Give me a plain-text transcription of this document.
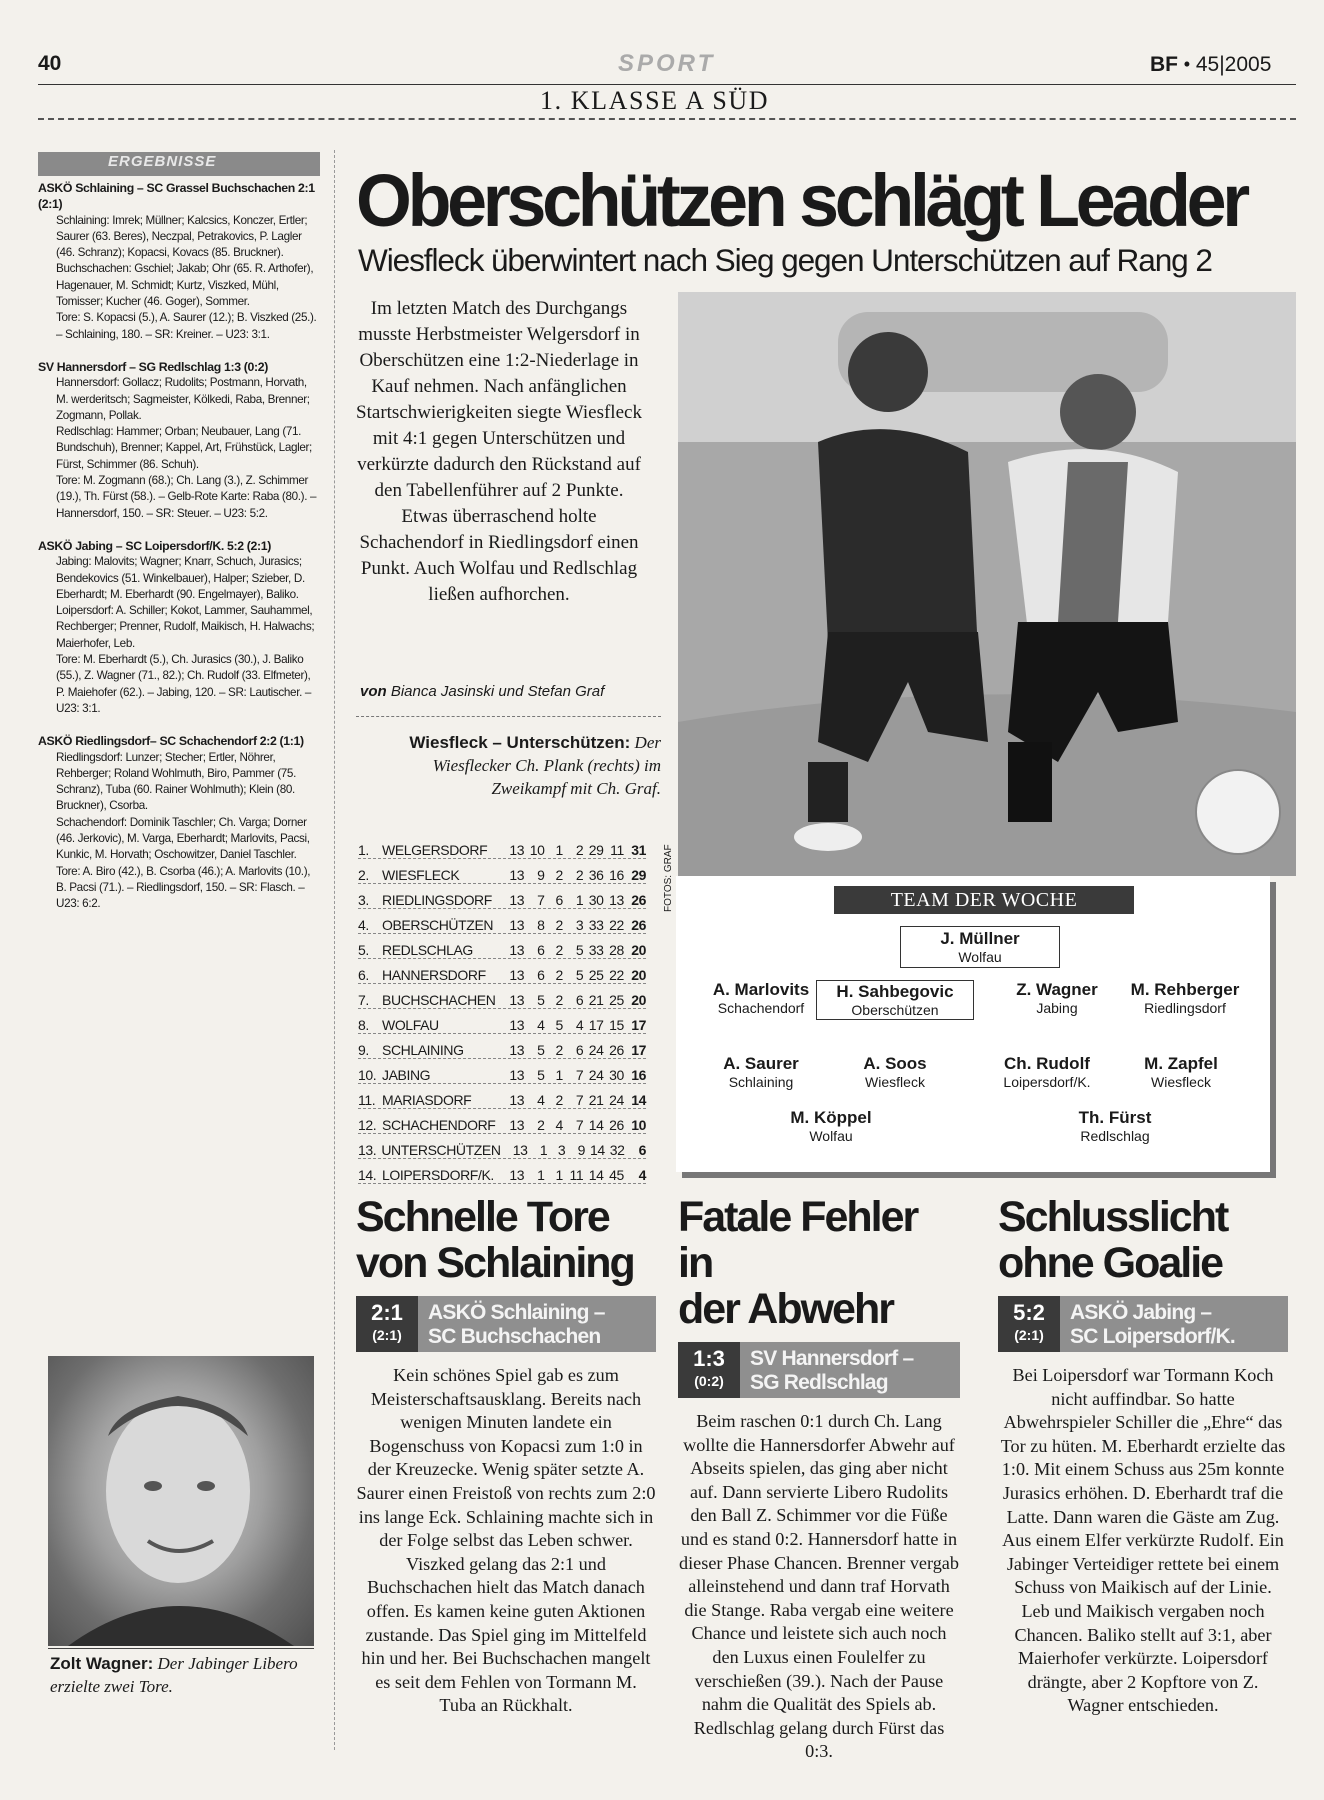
40	SPORT	BF • 45|2005
1. KLASSE A SÜD
ERGEBNISSE
ASKÖ Schlaining – SC Grassel Buchschachen 2:1 (2:1)
Schlaining: Imrek; Müllner; Kalcsics, Konczer, Ertler; Saurer (63. Beres), Neczpal, Petrakovics, P. Lagler (46. Schranz); Kopacsi, Kovacs (85. Bruckner).
Buchschachen: Gschiel; Jakab; Ohr (65. R. Arthofer), Hagenauer, M. Schmidt; Kurtz, Viszked, Mühl, Tomisser; Kucher (46. Goger), Sommer.
Tore: S. Kopacsi (5.), A. Saurer (12.); B. Viszked (25.). – Schlaining, 180. – SR: Kreiner. – U23: 3:1.
SV Hannersdorf – SG Redlschlag 1:3 (0:2)
Hannersdorf: Gollacz; Rudolits; Postmann, Horvath, M. werderitsch; Sagmeister, Kölkedi, Raba, Brenner; Zogmann, Pollak.
Redlschlag: Hammer; Orban; Neubauer, Lang (71. Bundschuh), Brenner; Kappel, Art, Frühstück, Lagler; Fürst, Schimmer (86. Schuh).
Tore: M. Zogmann (68.); Ch. Lang (3.), Z. Schimmer (19.), Th. Fürst (58.). – Gelb-Rote Karte: Raba (80.). – Hannersdorf, 150. – SR: Steuer. – U23: 5:2.
ASKÖ Jabing – SC Loipersdorf/K. 5:2 (2:1)
Jabing: Malovits; Wagner; Knarr, Schuch, Jurasics; Bendekovics (51. Winkelbauer), Halper; Szieber, D. Eberhardt; M. Eberhardt (90. Engelmayer), Baliko.
Loipersdorf: A. Schiller; Kokot, Lammer, Sauhammel, Rechberger; Prenner, Rudolf, Maikisch, H. Halwachs; Maierhofer, Leb.
Tore: M. Eberhardt (5.), Ch. Jurasics (30.), J. Baliko (55.), Z. Wagner (71., 82.); Ch. Rudolf (33. Elfmeter), P. Maiehofer (62.). – Jabing, 120. – SR: Lautischer. – U23: 3:1.
ASKÖ Riedlingsdorf– SC Schachendorf 2:2 (1:1)
Riedlingsdorf: Lunzer; Stecher; Ertler, Nöhrer, Rehberger; Roland Wohlmuth, Biro, Pammer (75. Schranz), Tuba (60. Rainer Wohlmuth); Klein (80. Bruckner), Csorba.
Schachendorf: Dominik Taschler; Ch. Varga; Dorner (46. Jerkovic), M. Varga, Eberhardt; Marlovits, Pacsi, Kunkic, M. Horvath; Oschowitzer, Daniel Taschler.
Tore: A. Biro (42.), B. Csorba (46.); A. Marlovits (10.), B. Pacsi (71.). – Riedlingsdorf, 150. – SR: Flasch. – U23: 6:2.
Oberschützen schlägt Leader
Wiesfleck überwintert nach Sieg gegen Unterschützen auf Rang 2
Im letzten Match des Durchgangs musste Herbstmeister Welgersdorf in Oberschützen eine 1:2-Niederlage in Kauf nehmen. Nach anfänglichen Startschwierigkeiten siegte Wiesfleck mit 4:1 gegen Unterschützen und verkürzte dadurch den Rückstand auf den Tabellenführer auf 2 Punkte. Etwas überraschend holte Schachendorf in Riedlingsdorf einen Punkt. Auch Wolfau und Redlschlag ließen aufhorchen.
von Bianca Jasinski und Stefan Graf
Wiesfleck – Unterschützen: Der Wiesflecker Ch. Plank (rechts) im Zweikampf mit Ch. Graf.
FOTOS: GRAF
1. WELGERSDORF	13 10 1 2 29 11 31
2. WIESFLECK	13 9 2 2 36 16 29
3. RIEDLINGSDORF	13 7 6 1 30 13 26
4. OBERSCHÜTZEN	13 8 2 3 33 22 26
5. REDLSCHLAG	13 6 2 5 33 28 20
6. HANNERSDORF	13 6 2 5 25 22 20
7. BUCHSCHACHEN 13 5 2 6 21 25 20
8. WOLFAU	13 4 5 4 17 15 17
9. SCHLAINING	13 5 2 6 24 26 17
10. JABING	13 5 1 7 24 30 16
11. MARIASDORF	13 4 2 7 21 24 14
12. SCHACHENDORF 13 2 4 7 14 26 10
13. UNTERSCHÜTZEN 13 1 3 9 14 32	6
14. LOIPERSDORF/K.	13 1 1 11 14 45	4
TEAM DER WOCHE
J. Müllner
Wolfau
A. Marlovits
Schachendorf
H. Sahbegovic
Oberschützen
Z. Wagner
Jabing
M. Rehberger
Riedlingsdorf
A. Saurer
Schlaining
A. Soos
Wiesfleck
Ch. Rudolf
Loipersdorf/K.
M. Zapfel
Wiesfleck
M. Köppel
Wolfau
Th. Fürst
Redlschlag
Schnelle Tore
von Schlaining
2:1
(2:1)
ASKÖ Schlaining –
SC Buchschachen
Kein schönes Spiel gab es zum Meisterschaftsausklang. Bereits nach wenigen Minuten landete ein Bogenschuss von Kopacsi zum 1:0 in der Kreuzecke. Wenig später setzte A. Saurer einen Freistoß von rechts zum 2:0 ins lange Eck. Schlaining machte sich in der Folge selbst das Leben schwer. Viszked gelang das 2:1 und Buchschachen hielt das Match danach offen. Es kamen keine guten Aktionen zustande. Das Spiel ging im Mittelfeld hin und her. Bei Buchschachen mangelt es seit dem Fehlen von Tormann M. Tuba an Rückhalt.
Fatale Fehler in
der Abwehr
1:3
(0:2)
SV Hannersdorf –
SG Redlschlag
Beim raschen 0:1 durch Ch. Lang wollte die Hannersdorfer Abwehr auf Abseits spielen, das ging aber nicht auf. Dann servierte Libero Rudolits den Ball Z. Schimmer vor die Füße und es stand 0:2. Hannersdorf hatte in dieser Phase Chancen. Brenner vergab alleinstehend und dann traf Horvath die Stange. Raba vergab eine weitere Chance und leistete sich auch noch den Luxus einen Foulelfer zu verschießen (39.). Nach der Pause nahm die Qualität des Spiels ab. Redlschlag gelang durch Fürst das 0:3.
Schlusslicht
ohne Goalie
5:2
(2:1)
ASKÖ Jabing –
SC Loipersdorf/K.
Bei Loipersdorf war Tormann Koch nicht auffindbar. So hatte Abwehrspieler Schiller die „Ehre“ das Tor zu hüten. M. Eberhardt erzielte das 1:0. Mit einem Schuss aus 25m konnte Jurasics erhöhen. D. Eberhardt traf die Latte. Dann waren die Gäste am Zug. Aus einem Elfer verkürzte Rudolf. Ein Jabinger Verteidiger rettete bei einem Schuss von Maikisch auf der Linie. Leb und Maikisch vergaben noch Chancen. Baliko stellt auf 3:1, aber Maierhofer verkürzte. Loipersdorf drängte, aber 2 Kopftore von Z. Wagner entschieden.
Zolt Wagner: Der Jabinger Libero erzielte zwei Tore.
